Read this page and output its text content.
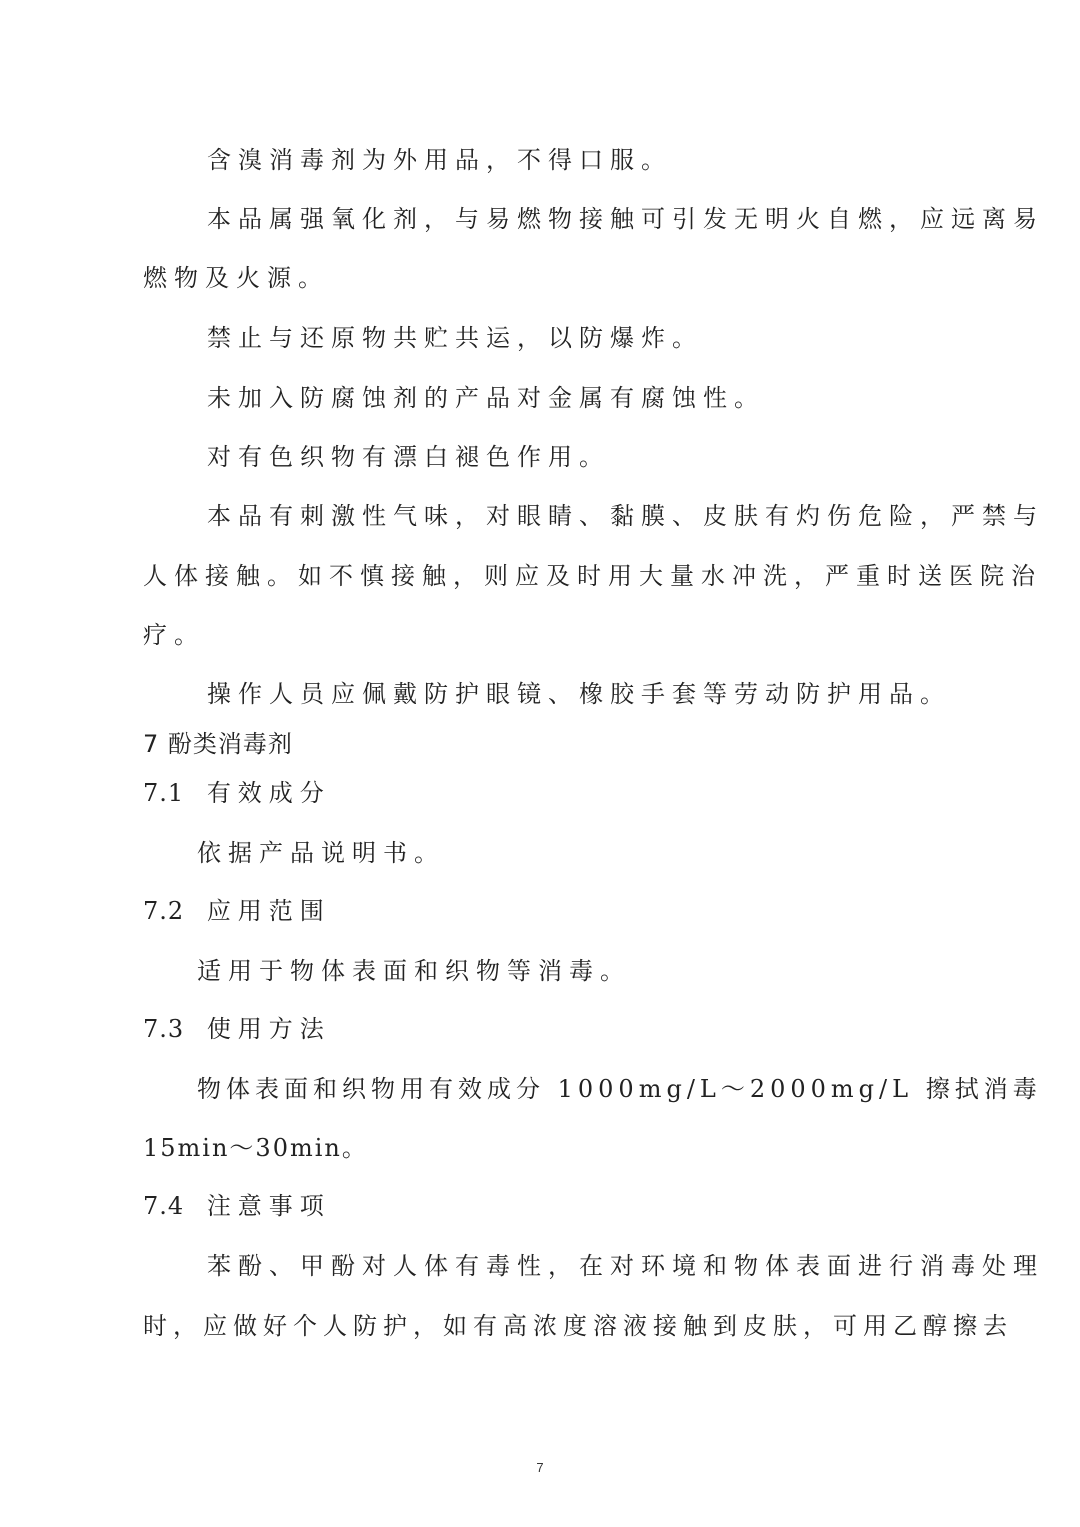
含溴消毒剂为外用品，不得口服。

本品属强氧化剂，与易燃物接触可引发无明火自燃，应远离易

燃物及火源。

禁止与还原物共贮共运，以防爆炸。

未加入防腐蚀剂的产品对金属有腐蚀性。

对有色织物有漂白褪色作用。

本品有刺激性气味，对眼睛、黏膜、皮肤有灼伤危险，严禁与

人体接触。如不慎接触，则应及时用大量水冲洗，严重时送医院治

疗。

操作人员应佩戴防护眼镜、橡胶手套等劳动防护用品。

7 酚类消毒剂
7.1 有效成分

依据产品说明书。

7.2 应用范围

适用于物体表面和织物等消毒。

7.3 使用方法

物体表面和织物用有效成分 1000mg/L～2000mg/L 擦拭消毒

15min～30min。

7.4 注意事项

苯酚、甲酚对人体有毒性，在对环境和物体表面进行消毒处理

时，应做好个人防护，如有高浓度溶液接触到皮肤，可用乙醇擦去

7
